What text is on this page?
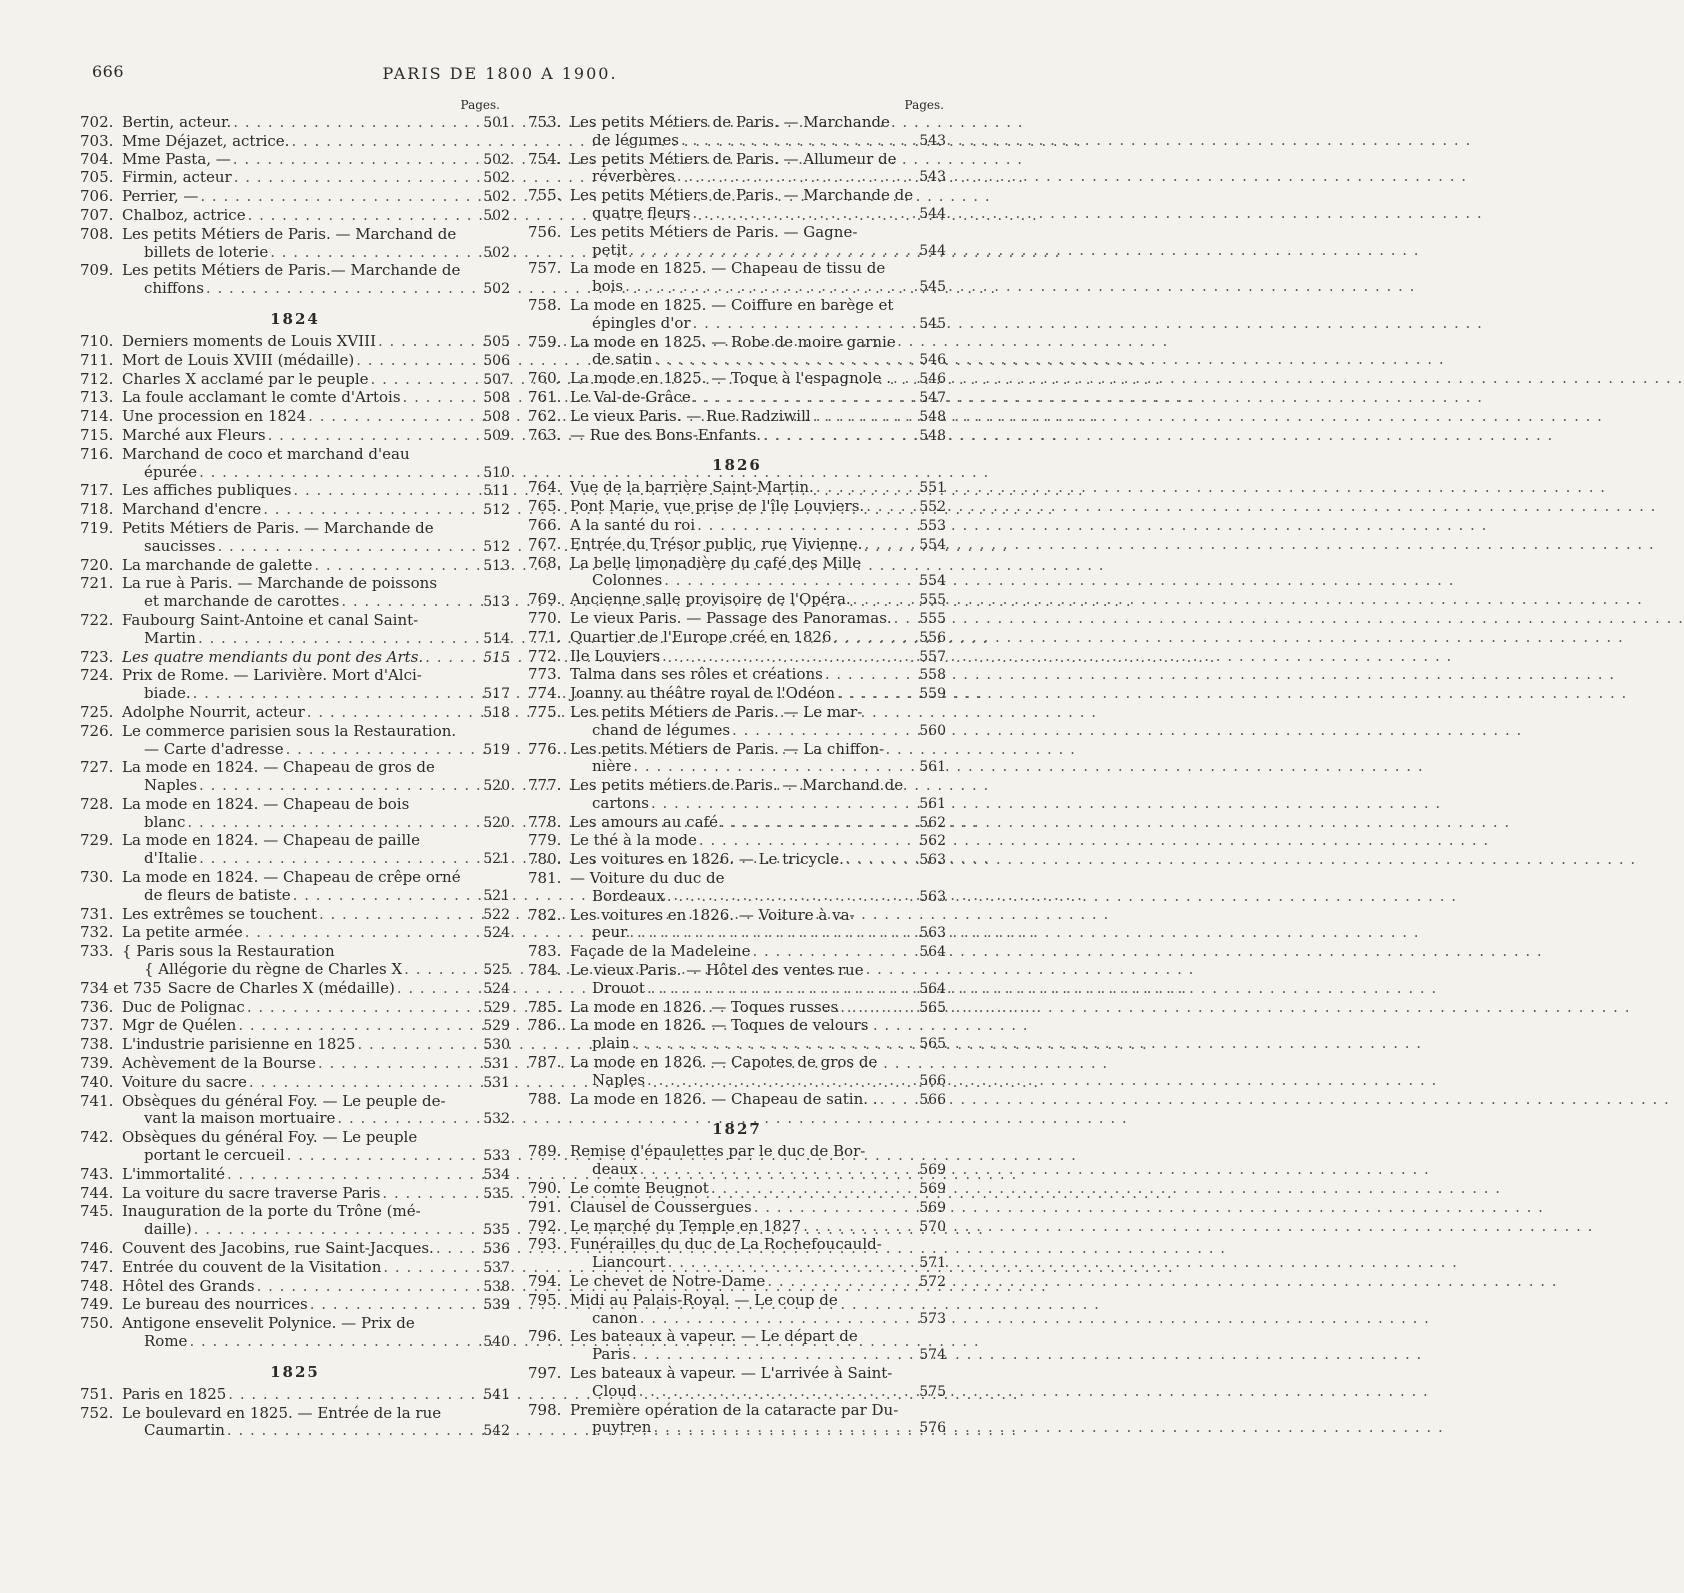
666	PARIS DE 1800 A 1900.
Pages.
702. Bertin, acteur. . . .	501
703. Mme Déjazet, actrice.
. . .
704. Mme Pasta, — . . .	502
705. Firmin, acteur . . .	502
706. Perrier, — . . .	502
707. Chalboz, actrice . . .	502
708. Les petits Métiers de Paris. — Marchand de
billets de loterie . . .	502
709. Les petits Métiers de Paris.— Marchande de
chiffons . . .	502
1824
710. Derniers moments de Louis XVIII . . .	505
711. Mort de Louis XVIII (médaille) . . .	506
712. Charles X acclamé par le peuple . . .	507
713. La foule acclamant le comte d'Artois . . .	508
714. Une procession en 1824 . . .	508
715. Marché aux Fleurs . . .	509
716. Marchand de coco et marchand d'eau
épurée . . .	510
717. Les affiches publiques . . .	511
718. Marchand d'encre . . .	512
719. Petits Métiers de Paris. — Marchande de
saucisses . . .	512
720. La marchande de galette . . .	513
721. La rue à Paris. — Marchande de poissons
et marchande de carottes . . .	513
722. Faubourg Saint-Antoine et canal Saint-
Martin . . .	514
723. Les quatre mendiants du pont des Arts. . . .	515
724. Prix de Rome. — Larivière. Mort d'Alci-
biade. . . .	517
725. Adolphe Nourrit, acteur . . .	518
726. Le commerce parisien sous la Restauration.
— Carte d'adresse . . .	519
727. La mode en 1824. — Chapeau de gros de
Naples . . .	520
728. La mode en 1824. — Chapeau de bois
blanc . . .	520
729. La mode en 1824. — Chapeau de paille
d'Italie . . .	521
730. La mode en 1824. — Chapeau de crêpe orné
de fleurs de batiste . . .	521
731. Les extrêmes se touchent . . .	522
732. La petite armée . . .	524
733. { Paris sous la Restauration
{ Allégorie du règne de Charles X . . .	525
734 et 735 Sacre de Charles X (médaille) . . .	524
736. Duc de Polignac . . .	529
737. Mgr de Quélen . . .	529
738. L'industrie parisienne en 1825 . . .	530
739. Achèvement de la Bourse . . .	531
740. Voiture du sacre . . .	531
741. Obsèques du général Foy. — Le peuple de-
vant la maison mortuaire . . .	532
742. Obsèques du général Foy. — Le peuple
portant le cercueil . . .	533
743. L'immortalité . . .	534
744. La voiture du sacre traverse Paris . . .	535
745. Inauguration de la porte du Trône (mé-
daille) . . .	535
746. Couvent des Jacobins, rue Saint-Jacques. . . .	536
747. Entrée du couvent de la Visitation . . .	537
748. Hôtel des Grands . . .	538
749. Le bureau des nourrices . . .	539
750. Antigone ensevelit Polynice. — Prix de
Rome . . .	540
1825
751. Paris en 1825 . . .	541
752. Le boulevard en 1825. — Entrée de la rue
Caumartin . . .	542
Pages.
753. Les petits Métiers de Paris. — Marchande
de légumes . . .	543
754. Les petits Métiers de Paris. — Allumeur de
réverbères . . .	543
755. Les petits Métiers de Paris. — Marchande de
quatre fleurs . . .	544
756. Les petits Métiers de Paris. — Gagne-
petit . . .	544
757. La mode en 1825. — Chapeau de tissu de
bois . . .	545
758. La mode en 1825. — Coiffure en barège et
épingles d'or . . .	545
759. La mode en 1825. — Robe de moire garnie
de satin . . .	546
760. La mode en 1825. — Toque à l'espagnole . . . .	546
761. Le Val-de-Grâce . . .	547
762. Le vieux Paris. — Rue Radziwill . . .	548
763. — Rue des Bons-Enfants. . . .	548
1826
764. Vue de la barrière Saint-Martin. . . .	551
765. Pont Marie, vue prise de l'île Louviers. . . .	552
766. A la santé du roi . . .	553
767. Entrée du Trésor public, rue Vivienne. . . .	554
768. La belle limonadière du café des Mille
Colonnes . . .	554
769. Ancienne salle provisoire de l'Opéra. . . .	555
770. Le vieux Paris. — Passage des Panoramas. . . .	555
771. Quartier de l'Europe créé en 1826 . . .	556
772. Ile Louviers . . .	557
773. Talma dans ses rôles et créations . . .	558
774. Joanny au théâtre royal de l'Odéon . . .	559
775. Les petits Métiers de Paris. — Le mar-
chand de légumes . . .	560
776. Les petits Métiers de Paris. — La chiffon-
nière . . .	561
777. Les petits métiers de Paris. — Marchand de
cartons . . .	561
778. Les amours au café . . .	562
779. Le thé à la mode . . .	562
780. Les voitures en 1826. — Le tricycle. . . .	563
781. — Voiture du duc de
Bordeaux . . .	563
782. Les voitures en 1826. — Voiture à va-
peur . . .	563
783. Façade de la Madeleine . . .	564
784. Le vieux Paris. — Hôtel des ventes rue
Drouot . . .	564
785. La mode en 1826. — Toques russes . . .	565
786. La mode en 1826. — Toques de velours
plain . . .	565
787. La mode en 1826. — Capotes de gros de
Naples . . .	566
788. La mode en 1826. — Chapeau de satin. . . . .	566
1827
789. Remise d'épaulettes par le duc de Bor-
deaux . . .	569
790. Le comte Beugnot . . .	569
791. Clausel de Coussergues . . .	569
792. Le marché du Temple en 1827 . . .	570
793. Funérailles du duc de La Rochefoucauld-
Liancourt . . .	571
794. Le chevet de Notre-Dame . . .	572
795. Midi au Palais-Royal. — Le coup de
canon . . .	573
796. Les bateaux à vapeur. — Le départ de
Paris . . .	574
797. Les bateaux à vapeur. — L'arrivée à Saint-
Cloud . . .	575
798. Première opération de la cataracte par Du-
puytren . . .	576
